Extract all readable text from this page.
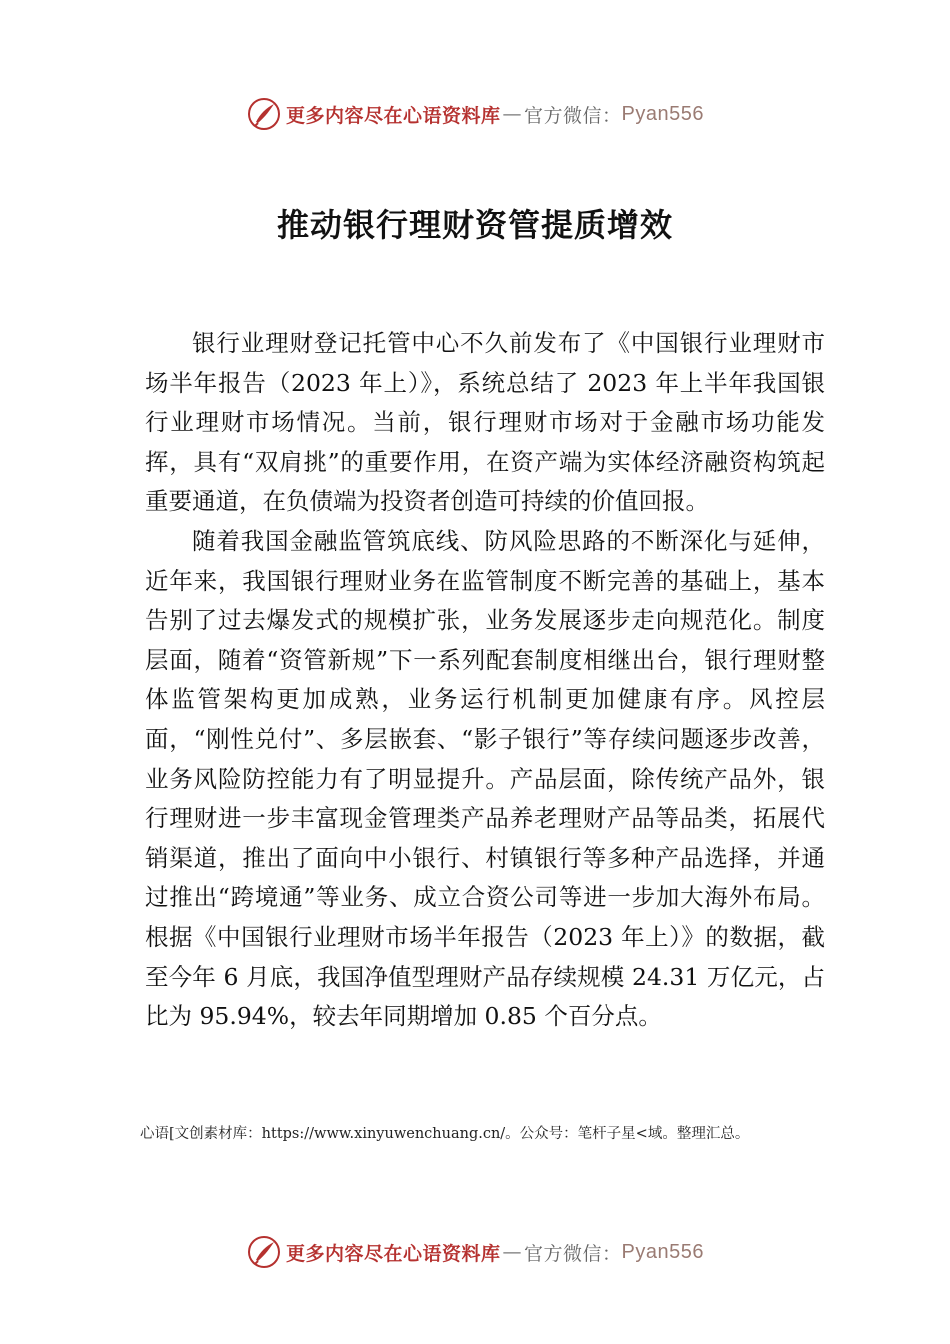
更多内容尽在心语资料库 — 官方微信： Pyan556
推动银行理财资管提质增效

银行业理财登记托管中心不久前发布了《中国银行业理财市场半年报告（2023 年上）》，系统总结了 2023 年上半年我国银行业理财市场情况。当前，银行理财市场对于金融市场功能发挥，具有“双肩挑”的重要作用，在资产端为实体经济融资构筑起重要通道，在负债端为投资者创造可持续的价值回报。

随着我国金融监管筑底线、防风险思路的不断深化与延伸，近年来，我国银行理财业务在监管制度不断完善的基础上，基本告别了过去爆发式的规模扩张，业务发展逐步走向规范化。制度层面，随着“资管新规”下一系列配套制度相继出台，银行理财整体监管架构更加成熟，业务运行机制更加健康有序。风控层面，“刚性兑付”、多层嵌套、“影子银行”等存续问题逐步改善，业务风险防控能力有了明显提升。产品层面，除传统产品外，银行理财进一步丰富现金管理类产品养老理财产品等品类，拓展代销渠道，推出了面向中小银行、村镇银行等多种产品选择，并通过推出“跨境通”等业务、成立合资公司等进一步加大海外布局。根据《中国银行业理财市场半年报告（2023 年上）》的数据，截至今年 6 月底，我国净值型理财产品存续规模 24.31 万亿元，占比为 95.94%，较去年同期增加 0.85 个百分点。

心语[文创素材库：https://www.xinyuwenchuang.cn/。公众号：笔杆子星<域。整理汇总。
更多内容尽在心语资料库 — 官方微信： Pyan556
